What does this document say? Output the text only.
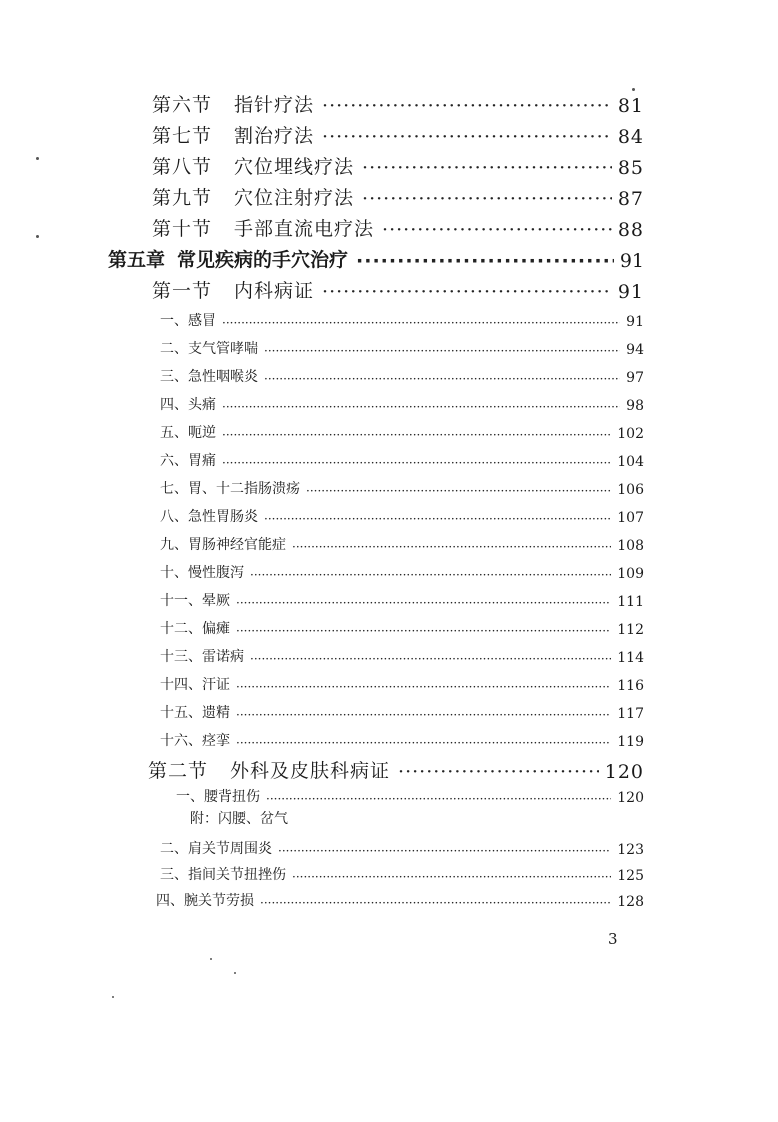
第六节 指针疗法 ·····	81
第七节 割治疗法 ·····	84
第八节 穴位埋线疗法 ·····	85
第九节 穴位注射疗法 ·····	87
第十节 手部直流电疗法 ·····	88
第五章 常见疾病的手穴治疗 ·····	91
第一节 内科病证 ·····	91
一、感冒 ·····	91
二、支气管哮喘 ·····	94
三、急性咽喉炎 ·····	97
四、头痛 ·····	98
五、呃逆 ·····	102
六、胃痛 ·····	104
七、胃、十二指肠溃疡 ·····	106
八、急性胃肠炎 ·····	107
九、胃肠神经官能症 ·····	108
十、慢性腹泻 ·····	109
十一、晕厥 ·····	111
十二、偏瘫 ·····	112
十三、雷诺病 ·····	114
十四、汗证 ·····	116
十五、遗精 ·····	117
十六、痉挛 ·····	119
第二节 外科及皮肤科病证 ·····	120
一、腰背扭伤 ·····	120
附：闪腰、岔气
二、肩关节周围炎 ·····	123
三、指间关节扭挫伤 ·····	125
四、腕关节劳损 ·····	128
3
